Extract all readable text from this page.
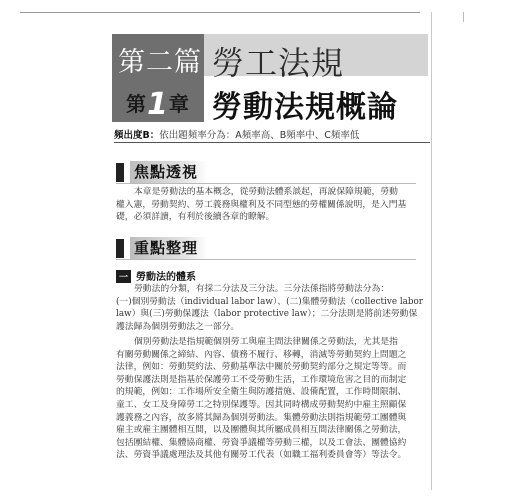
第二篇 勞工法規
第1章 勞動法規概論
頻出度B：依出題頻率分為：A頻率高、B頻率中、C頻率低
焦點透視
本章是勞動法的基本概念，從勞動法體系談起，再說保障規範，勞動
權入憲，勞動契約、勞工義務與權利及不同型態的勞權關係說明，是入門基
礎，必須詳讀，有利於後續各章的瞭解。
重點整理
一 勞動法的體系
勞動法的分類，有採二分法及三分法。三分法係指將勞動法分為：
(一)個別勞動法（individual labor law）、(二)集體勞動法（collective labor
law）與(三)勞動保護法（labor protective law）；二分法則是將前述勞動保
護法歸為個別勞動法之一部分。
個別勞動法是指規範個別勞工與雇主間法律關係之勞動法，尤其是指
有關勞動關係之締結、內容、債務不履行、移轉，消滅等勞動契約上問題之
法律，例如：勞動契約法、勞動基準法中關於勞動契約部分之規定等等。而
勞動保護法則是指基於保護勞工不受勞動生活，工作環境危害之目的而制定
的規範，例如：工作場所安全衛生與防護措施、設備配置，工作時間限制、
童工、女工及身障勞工之特別保護等。因其同時構成勞動契約中雇主照顧保
護義務之內容，故多將其歸為個別勞動法。集體勞動法則指規範勞工團體與
雇主或雇主團體相互間，以及團體與其所屬成員相互間法律關係之勞動法，
包括團結權、集體協商權、勞資爭議權等勞動三權，以及工會法、團體協約
法、勞資爭議處理法及其他有關勞工代表（如職工福利委員會等）等法令。
